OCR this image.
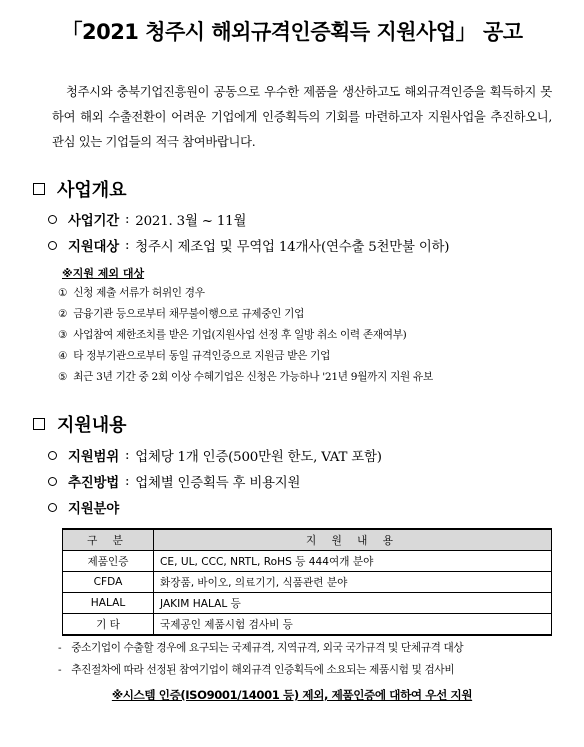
「2021 청주시 해외규격인증획득 지원사업」 공고
청주시와 충북기업진흥원이 공동으로 우수한 제품을 생산하고도 해외규격인증을 획득하지 못하여 해외 수출전환이 어려운 기업에게 인증획득의 기회를 마련하고자 지원사업을 추진하오니, 관심 있는 기업들의 적극 참여바랍니다.
사업개요
사업기간 : 2021. 3월 ~ 11월
지원대상 : 청주시 제조업 및 무역업 14개사(연수출 5천만불 이하)
※지원 제외 대상
① 신청 제출 서류가 허위인 경우
② 금융기관 등으로부터 채무불이행으로 규제중인 기업
③ 사업참여 제한조치를 받은 기업(지원사업 선정 후 일방 취소 이력 존재여부)
④ 타 정부기관으로부터 동일 규격인증으로 지원금 받은 기업
⑤ 최근 3년 기간 중 2회 이상 수혜기업은 신청은 가능하나 '21년 9월까지 지원 유보
지원내용
지원범위 : 업체당 1개 인증(500만원 한도, VAT 포함)
추진방법 : 업체별 인증획득 후 비용지원
지원분야
구 분	지 원 내 용
제품인증	CE, UL, CCC, NRTL, RoHS 등 444여개 분야
CFDA	화장품, 바이오, 의료기기, 식품관련 분야
HALAL	JAKIM HALAL 등
기 타	국제공인 제품시험 검사비 등
- 중소기업이 수출할 경우에 요구되는 국제규격, 지역규격, 외국 국가규격 및 단체규격 대상
- 추진절차에 따라 선정된 참여기업이 해외규격 인증획득에 소요되는 제품시험 및 검사비
※시스템 인증(ISO9001/14001 등) 제외, 제품인증에 대하여 우선 지원
